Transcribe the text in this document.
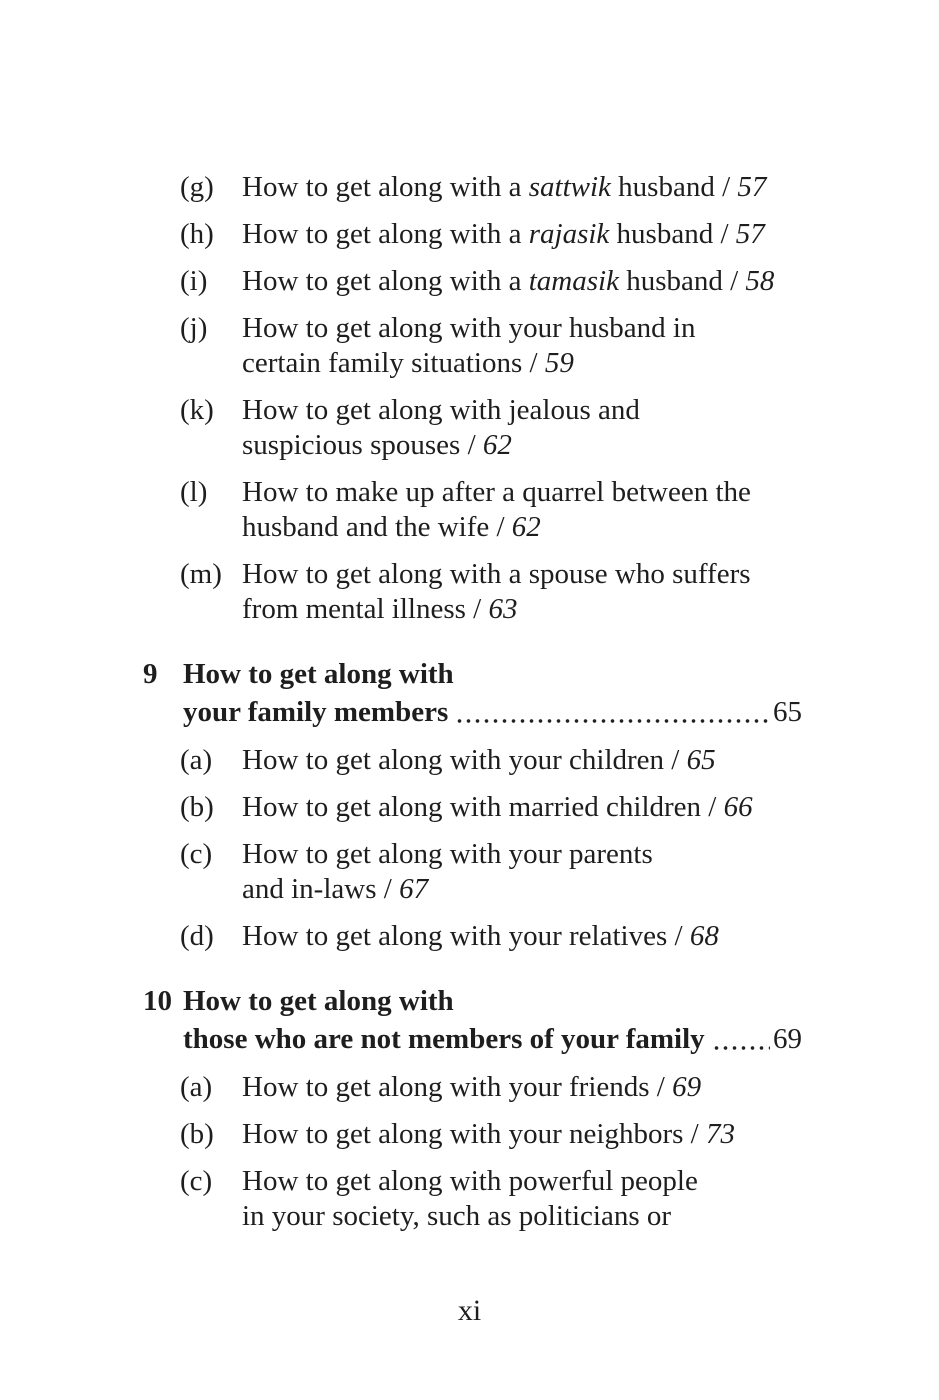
(g) How to get along with a sattwik husband / 57
(h) How to get along with a rajasik husband / 57
(i)	How to get along with a tamasik husband / 58
(j)	How to get along with your husband in
certain family situations / 59
(k) How to get along with jealous and
suspicious spouses / 62
(l)	How to make up after a quarrel between the
husband and the wife / 62
(m) How to get along with a spouse who suffers
from mental illness / 63
9 How to get along with
your family members	65
(a)	How to get along with your children / 65
(b) How to get along with married children / 66
(c)	How to get along with your parents
and in-laws / 67
(d) How to get along with your relatives / 68
10 How to get along with
those who are not members of your family 69
(a)	How to get along with your friends / 69
(b) How to get along with your neighbors / 73
(c)	How to get along with powerful people
in your society, such as politicians or
xi
